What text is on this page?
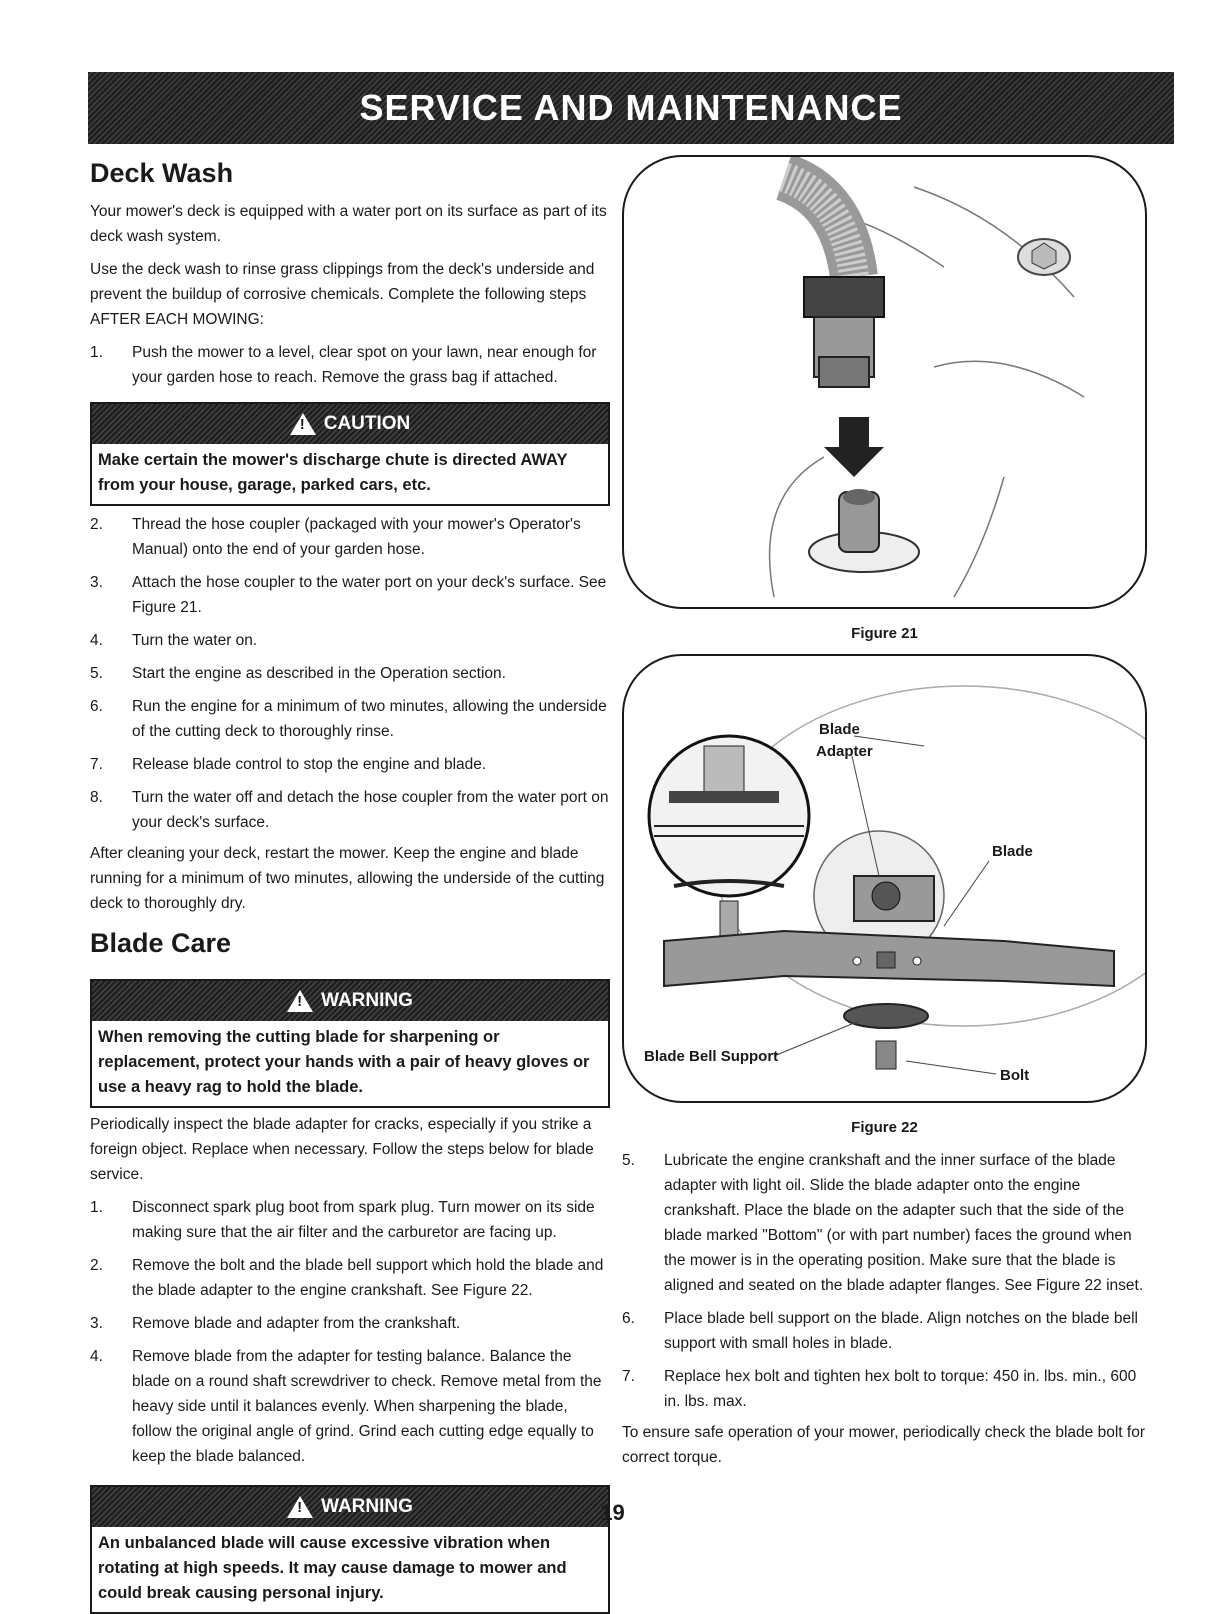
SERVICE AND MAINTENANCE
Deck Wash

Your mower's deck is equipped with a water port on its surface as part of its deck wash system.

Use the deck wash to rinse grass clippings from the deck's underside and prevent the buildup of corrosive chemicals. Complete the following steps AFTER EACH MOWING:

1.	Push the mower to a level, clear spot on your lawn, near enough for your garden hose to reach. Remove the grass bag if attached.
!
CAUTION
Make certain the mower's discharge chute is directed AWAY from your house, garage, parked cars, etc.
2.	Thread the hose coupler (packaged with your mower's Operator's Manual) onto the end of your garden hose.
3.	Attach the hose coupler to the water port on your deck's surface. See Figure 21.
4.	Turn the water on.
5.	Start the engine as described in the Operation section.
6.	Run the engine for a minimum of two minutes, allowing the underside of the cutting deck to thoroughly rinse.
7.	Release blade control to stop the engine and blade.
8.	Turn the water off and detach the hose coupler from the water port on your deck's surface.

After cleaning your deck, restart the mower. Keep the engine and blade running for a minimum of two minutes, allowing the underside of the cutting deck to thoroughly dry.

Blade Care
!
WARNING
When removing the cutting blade for sharpening or replacement, protect your hands with a pair of heavy gloves or use a heavy rag to hold the blade.

Periodically inspect the blade adapter for cracks, especially if you strike a foreign object. Replace when necessary. Follow the steps below for blade service.

1.	Disconnect spark plug boot from spark plug. Turn mower on its side making sure that the air filter and the carburetor are facing up.
2.	Remove the bolt and the blade bell support which hold the blade and the blade adapter to the engine crankshaft. See Figure 22.
3.	Remove blade and adapter from the crankshaft.
4.	Remove blade from the adapter for testing balance. Balance the blade on a round shaft screwdriver to check. Remove metal from the heavy side until it balances evenly. When sharpening the blade, follow the original angle of grind. Grind each cutting edge equally to keep the blade balanced.
!
WARNING
An unbalanced blade will cause excessive vibration when rotating at high speeds. It may cause damage to mower and could break causing personal injury.
Figure 21
Blade
Adapter
Blade
Blade Bell Support
Bolt
Figure 22
5.	Lubricate the engine crankshaft and the inner surface of the blade adapter with light oil. Slide the blade adapter onto the engine crankshaft. Place the blade on the adapter such that the side of the blade marked "Bottom" (or with part number) faces the ground when the mower is in the operating position. Make sure that the blade is aligned and seated on the blade adapter flanges. See Figure 22 inset.
6.	Place blade bell support on the blade. Align notches on the blade bell support with small holes in blade.
7.	Replace hex bolt and tighten hex bolt to torque: 450 in. lbs. min., 600 in. lbs. max.

To ensure safe operation of your mower, periodically check the blade bolt for correct torque.

19
